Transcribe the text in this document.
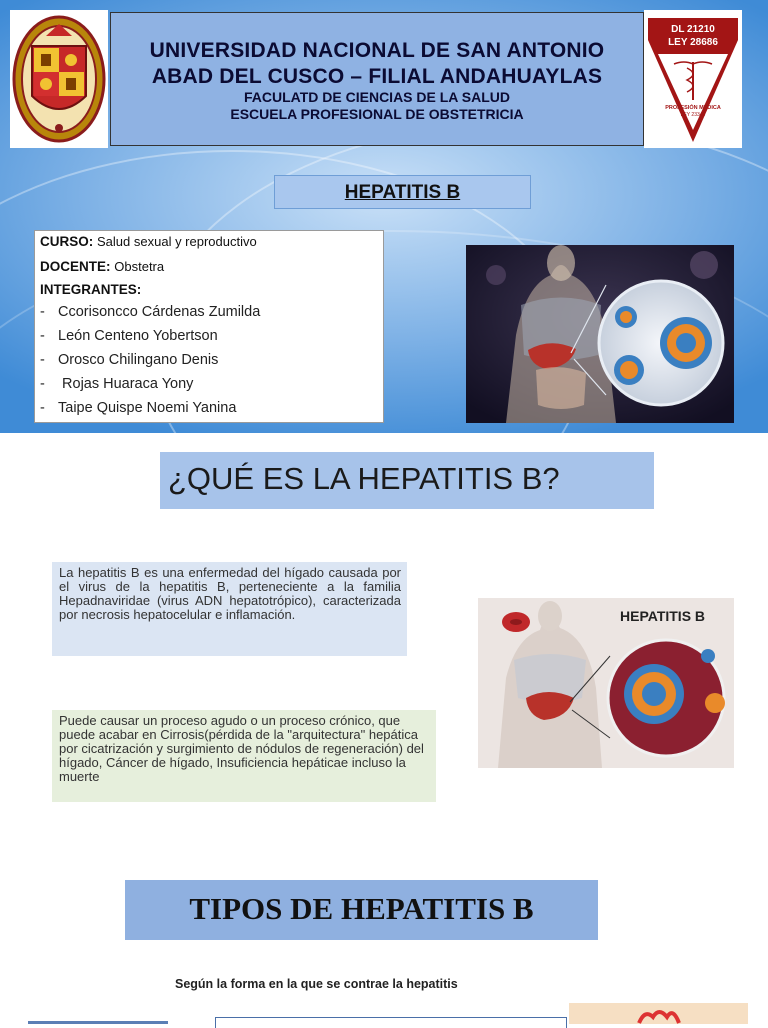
UNIVERSIDAD NACIONAL DE SAN ANTONIO
ABAD DEL CUSCO – FILIAL ANDAHUAYLAS
FACULATD DE CIENCIAS DE LA SALUD
ESCUELA PROFESIONAL DE OBSTETRICIA
DL 21210
LEY 28686
PROFESIÓN MÉDICA
LEY 23346
HEPATITIS B
CURSO: Salud sexual y reproductivo
DOCENTE: Obstetra
INTEGRANTES:
- Ccorisoncco Cárdenas Zumilda
- León Centeno Yobertson
- Orosco Chilingano Denis
- Rojas Huaraca Yony
- Taipe Quispe Noemi Yanina
¿QUÉ ES LA HEPATITIS B?

La hepatitis B es una enfermedad del hígado causada por el virus de la hepatitis B, perteneciente a la familia Hepadnaviridae (virus ADN hepatotrópico), caracterizada por necrosis hepatocelular e inflamación.

Puede causar un proceso agudo o un proceso crónico, que puede acabar en Cirrosis(pérdida de la "arquitectura" hepática por cicatrización y surgimiento de nódulos de regeneración) del hígado, Cáncer de hígado, Insuficiencia hepáticae incluso la muerte

HEPATITIS B
TIPOS DE HEPATITIS B
Según la forma en la que se contrae la hepatitis
